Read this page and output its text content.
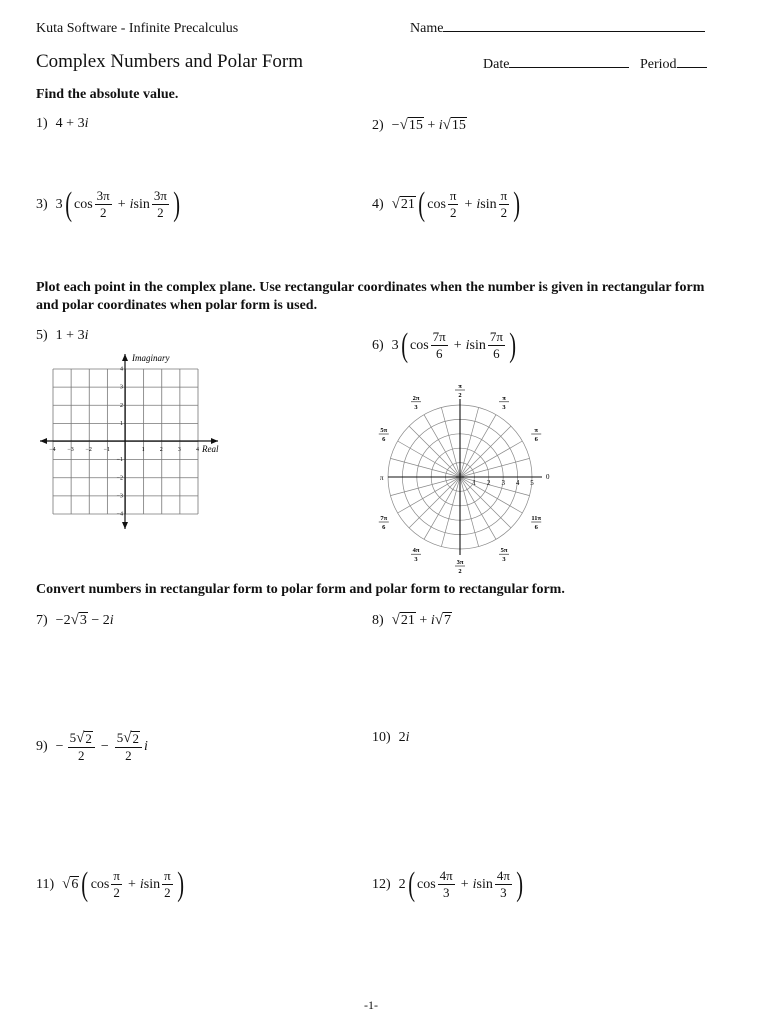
Kuta Software - Infinite Precalculus	Name
Complex Numbers and Polar Form	Date	Period
Find the absolute value.
1) 4 + 3 i	2) − √ 15 + i √ 15
3) 3 ( $\cos \frac{3\pi}{2} + i$ $\sin \frac{3\pi}{2}$ )	4) √ 21 ( $\cos \frac{\pi}{2} + i$ $\sin \frac{\pi}{2}$ )
Plot each point in the complex plane. Use rectangular coordinates when the number is given in rectangular form and polar coordinates when polar form is used.
5) 1 + 3 i
6) 3 ( $\cos \frac{7\pi}{6} + i$ $\sin \frac{7\pi}{6}$ )
Imaginary
Real
−4 −3 −2 −1	1	2	3	4
4
3
2
1
−1
−2
−3
−4
1 2 3 4 5
0
π
π
2	π
3
π
6
2π
3
5π
6
7π
6
4π
3	3π
2
5π
3
11π
6
Convert numbers in rectangular form to polar form and polar form to rectangular form.
7) −2 √ 3 − 2 i	8) √ 21 + i √ 7
$9) - \frac{5 √ 2}{2} - \frac{5 √ 2}{2}$ i
10) 2 i
11) √ 6 ( $\cos \frac{\pi}{2} + i$ $\sin \frac{\pi}{2}$ )	12) 2 ( $\cos \frac{4\pi}{3} + i$ $\sin \frac{4\pi}{3}$ )
-1-
